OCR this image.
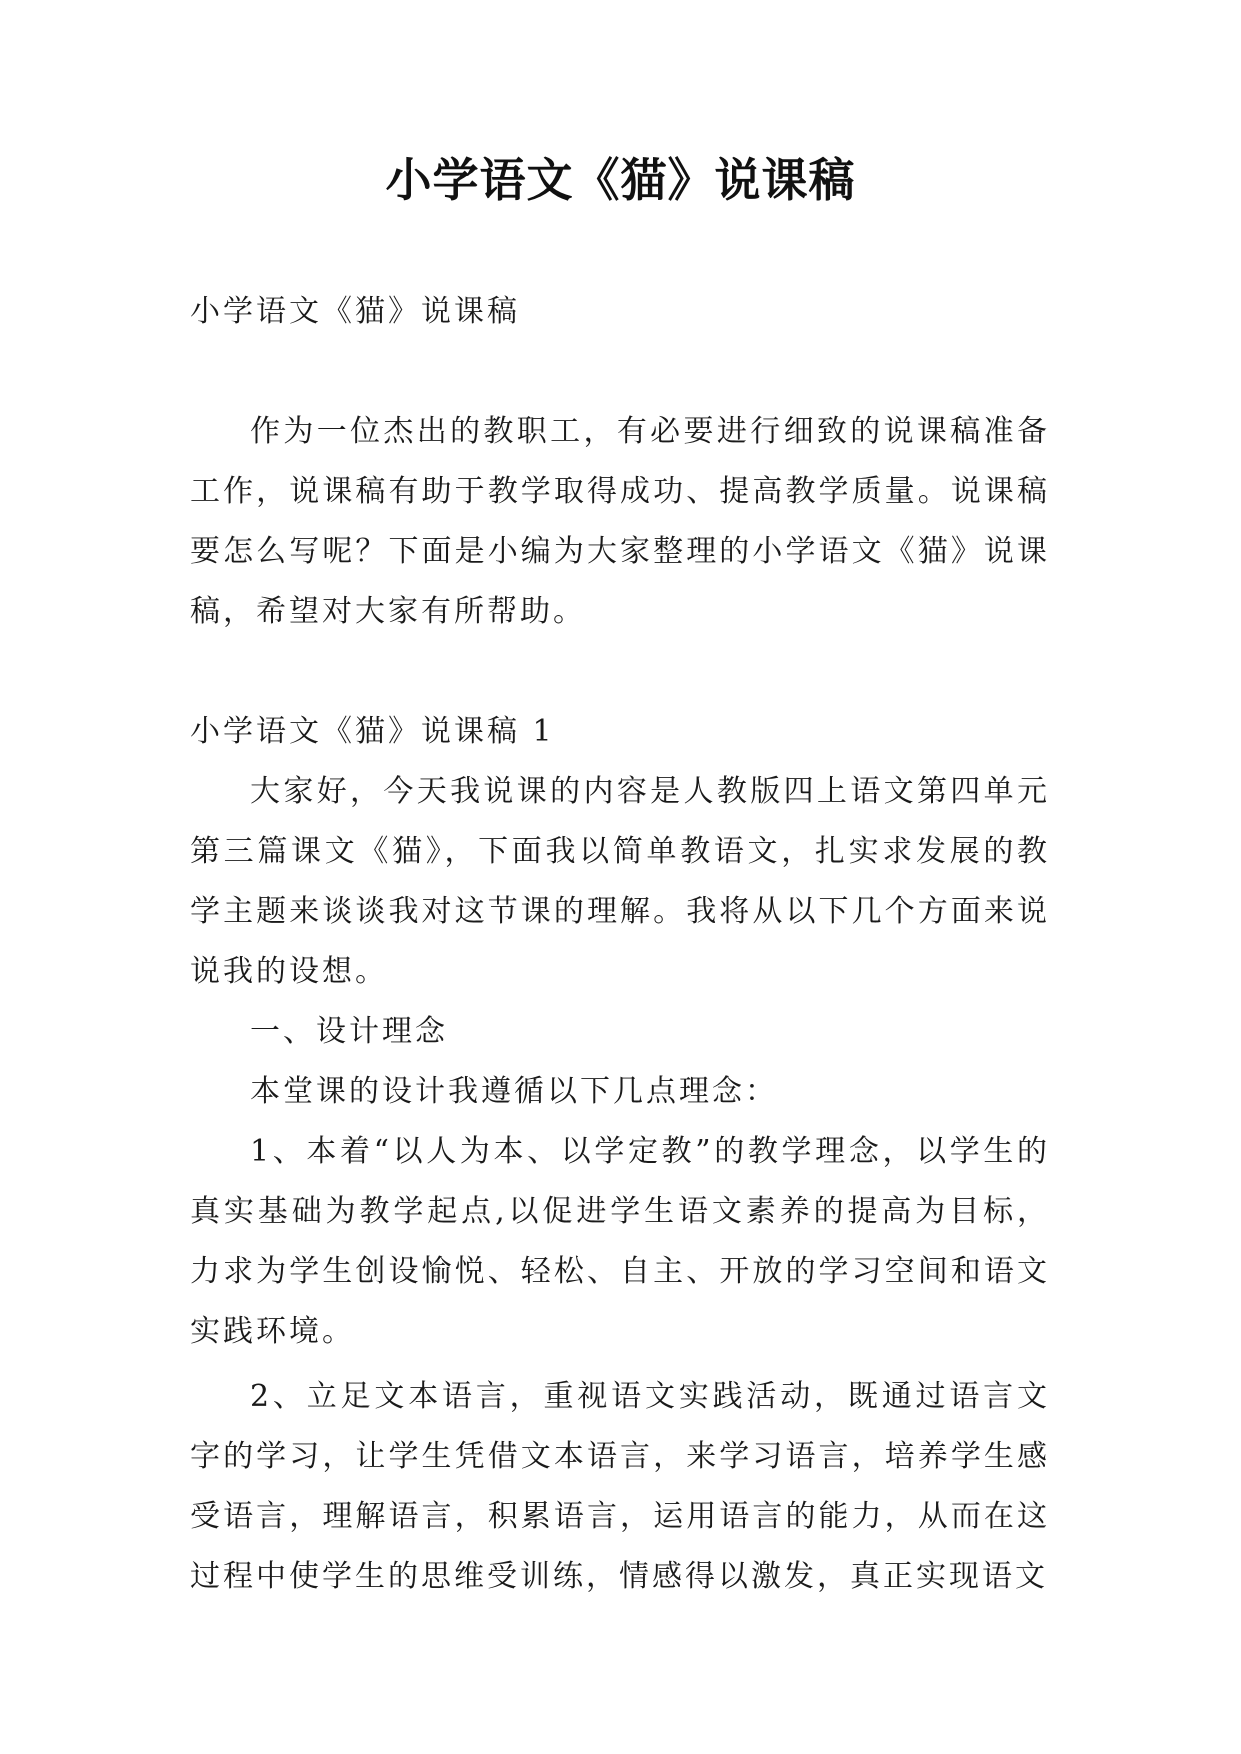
小学语文《猫》说课稿

小学语文《猫》说课稿

作为一位杰出的教职工，有必要进行细致的说课稿准备工作，说课稿有助于教学取得成功、提高教学质量。说课稿要怎么写呢？下面是小编为大家整理的小学语文《猫》说课稿，希望对大家有所帮助。

小学语文《猫》说课稿 1

大家好，今天我说课的内容是人教版四上语文第四单元第三篇课文《猫》，下面我以简单教语文，扎实求发展的教学主题来谈谈我对这节课的理解。我将从以下几个方面来说说我的设想。

一、设计理念

本堂课的设计我遵循以下几点理念：

1、本着“以人为本、以学定教”的教学理念，以学生的真实基础为教学起点,以促进学生语文素养的提高为目标，力求为学生创设愉悦、轻松、自主、开放的学习空间和语文实践环境。

2、立足文本语言，重视语文实践活动，既通过语言文字的学习，让学生凭借文本语言，来学习语言，培养学生感受语言，理解语言，积累语言，运用语言的能力，从而在这过程中使学生的思维受训练，情感得以激发，真正实现语文
